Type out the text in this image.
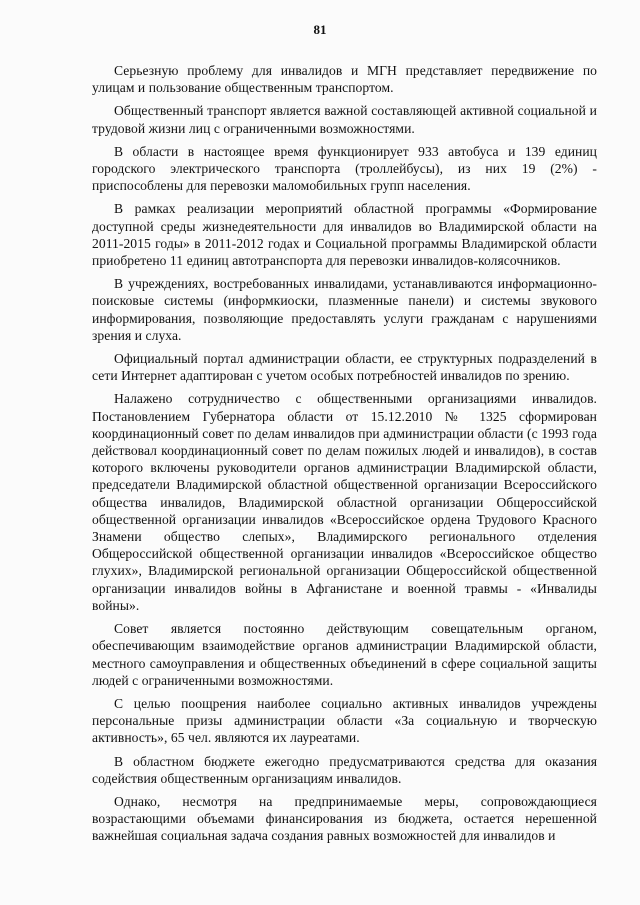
81

Серьезную проблему для инвалидов и МГН представляет передвижение по улицам и пользование общественным транспортом.

Общественный транспорт является важной составляющей активной социальной и трудовой жизни лиц с ограниченными возможностями.

В области в настоящее время функционирует 933 автобуса и 139 единиц городского электрического транспорта (троллейбусы), из них 19 (2%) - приспособлены для перевозки маломобильных групп населения.

В рамках реализации мероприятий областной программы «Формирование доступной среды жизнедеятельности для инвалидов во Владимирской области на 2011-2015 годы» в 2011-2012 годах и Социальной программы Владимирской области приобретено 11 единиц автотранспорта для перевозки инвалидов-колясочников.

В учреждениях, востребованных инвалидами, устанавливаются информационно-поисковые системы (информкиоски, плазменные панели) и системы звукового информирования, позволяющие предоставлять услуги гражданам с нарушениями зрения и слуха.

Официальный портал администрации области, ее структурных подразделений в сети Интернет адаптирован с учетом особых потребностей инвалидов по зрению.

Налажено сотрудничество с общественными организациями инвалидов. Постановлением Губернатора области от 15.12.2010 № 1325 сформирован координационный совет по делам инвалидов при администрации области (с 1993 года действовал координационный совет по делам пожилых людей и инвалидов), в состав которого включены руководители органов администрации Владимирской области, председатели Владимирской областной общественной организации Всероссийского общества инвалидов, Владимирской областной организации Общероссийской общественной организации инвалидов «Всероссийское ордена Трудового Красного Знамени общество слепых», Владимирского регионального отделения Общероссийской общественной организации инвалидов «Всероссийское общество глухих», Владимирской региональной организации Общероссийской общественной организации инвалидов войны в Афганистане и военной травмы - «Инвалиды войны».

Совет является постоянно действующим совещательным органом, обеспечивающим взаимодействие органов администрации Владимирской области, местного самоуправления и общественных объединений в сфере социальной защиты людей с ограниченными возможностями.

С целью поощрения наиболее социально активных инвалидов учреждены персональные призы администрации области «За социальную и творческую активность», 65 чел. являются их лауреатами.

В областном бюджете ежегодно предусматриваются средства для оказания содействия общественным организациям инвалидов.

Однако, несмотря на предпринимаемые меры, сопровождающиеся возрастающими объемами финансирования из бюджета, остается нерешенной важнейшая социальная задача создания равных возможностей для инвалидов и
